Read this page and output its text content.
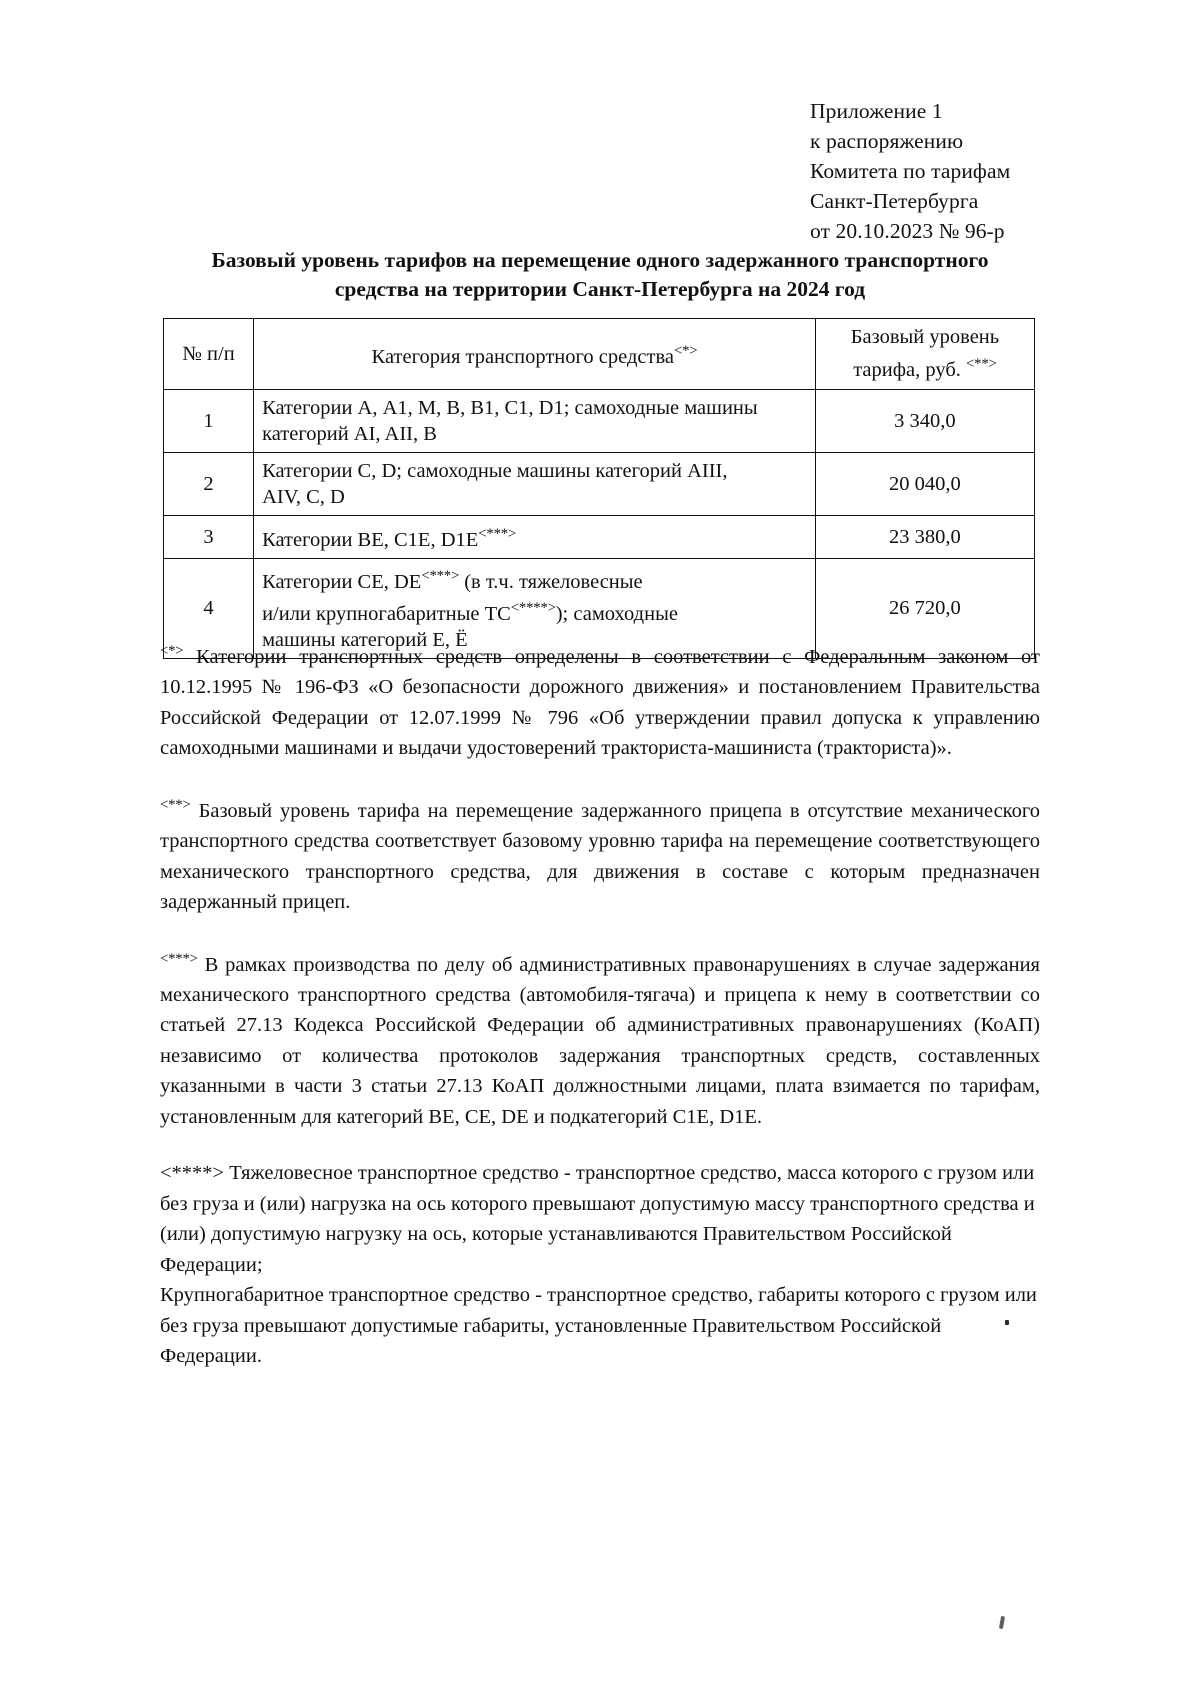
Приложение 1
к распоряжению
Комитета по тарифам
Санкт-Петербурга
от 20.10.2023 № 96-р
Базовый уровень тарифов на перемещение одного задержанного транспортного
средства на территории Санкт-Петербурга на 2024 год
№ п/п	Категория транспортного средства<*>	Базовый уровень
тарифа, руб. <**>
1	Категории А, А1, М, В, В1, С1, D1; самоходные машины
категорий AI, AII, B	3 340,0
2	Категории С, D; самоходные машины категорий AIII,
AIV, C, D	20 040,0
3	Категории ВЕ, С1Е, D1E<***>	23 380,0
4	Категории СЕ, DE<***> (в т.ч. тяжеловесные
и/или крупногабаритные ТС<****>); самоходные
машины категорий Е, Ё	26 720,0

<*> Категории транспортных средств определены в соответствии с Федеральным законом от 10.12.1995 № 196-ФЗ «О безопасности дорожного движения» и постановлением Правительства Российской Федерации от 12.07.1999 № 796 «Об утверждении правил допуска к управлению самоходными машинами и выдачи удостоверений тракториста-машиниста (тракториста)».

<**> Базовый уровень тарифа на перемещение задержанного прицепа в отсутствие механического транспортного средства соответствует базовому уровню тарифа на перемещение соответствующего механического транспортного средства, для движения в составе с которым предназначен задержанный прицеп.

<***> В рамках производства по делу об административных правонарушениях в случае задержания механического транспортного средства (автомобиля-тягача) и прицепа к нему в соответствии со статьей 27.13 Кодекса Российской Федерации об административных правонарушениях (КоАП) независимо от количества протоколов задержания транспортных средств, составленных указанными в части 3 статьи 27.13 КоАП должностными лицами, плата взимается по тарифам, установленным для категорий ВЕ, СЕ, DE и подкатегорий С1Е, D1E.

<****> Тяжеловесное транспортное средство - транспортное средство, масса которого с грузом или без груза и (или) нагрузка на ось которого превышают допустимую массу транспортного средства и (или) допустимую нагрузку на ось, которые устанавливаются Правительством Российской Федерации;
Крупногабаритное транспортное средство - транспортное средство, габариты которого с грузом или без груза превышают допустимые габариты, установленные Правительством Российской Федерации.
